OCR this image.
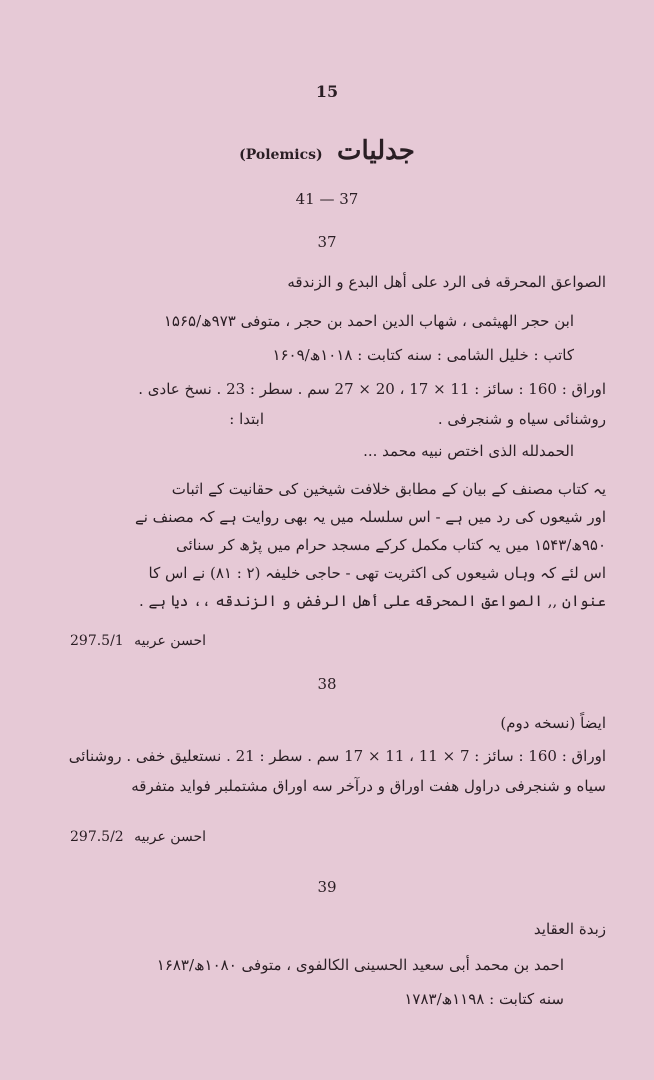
15
(Polemics) جدلیات
41 — 37
37
الصواعق المحرقه فی الرد علی أهل البدع و الزندقه
ابن حجر الهیثمی ، شهاب الدین احمد بن حجر ، متوفی ۹۷۳ھ/۱۵۶۵
کاتب : خلیل الشامی : سنه کتابت : ۱۰۱۸ھ/۱۶۰۹
اوراق : 160 : سائز : 11 × 17 ، 20 × 27 سم . سطر : 23 . نسخ عادی .
روشنائی سیاه و شنجرفی .
ابتدا :
الحمدلله الذی اختص نبیه محمد ...
یہ کتاب مصنف کے بیان کے مطابق خلافت شیخین کی حقانیت کے اثبات
اور شیعوں کی رد میں ہے - اس سلسلہ میں یہ بھی روایت ہے کہ مصنف نے
۹۵۰ھ/۱۵۴۳ میں یہ کتاب مکمل کرکے مسجد حرام میں پڑھ کر سنائی
اس لئے کہ وہاں شیعوں کی اکثریت تھی - حاجی خلیفہ (۲ : ۸۱) نے اس کا
عنوان ,, الصواعق المحرقه علی أهل الرفض و الزندقه ،، دیا ہے .
297.5/1 احسن عربیه
38
ایضاً (نسخه دوم)
اوراق : 160 : سائز : 7 × 11 ، 11 × 17 سم . سطر : 21 . نستعلیق خفی . روشنائی
سیاه و شنجرفی دراول هفت اوراق و درآخر سه اوراق مشتملبر فواید متفرقه
297.5/2 احسن عربیه
39
زبدة العقاید
احمد بن محمد أبی سعید الحسینی الکالفوی ، متوفی ۱۰۸۰ھ/۱۶۸۳
سنه کتابت : ۱۱۹۸ھ/۱۷۸۳
